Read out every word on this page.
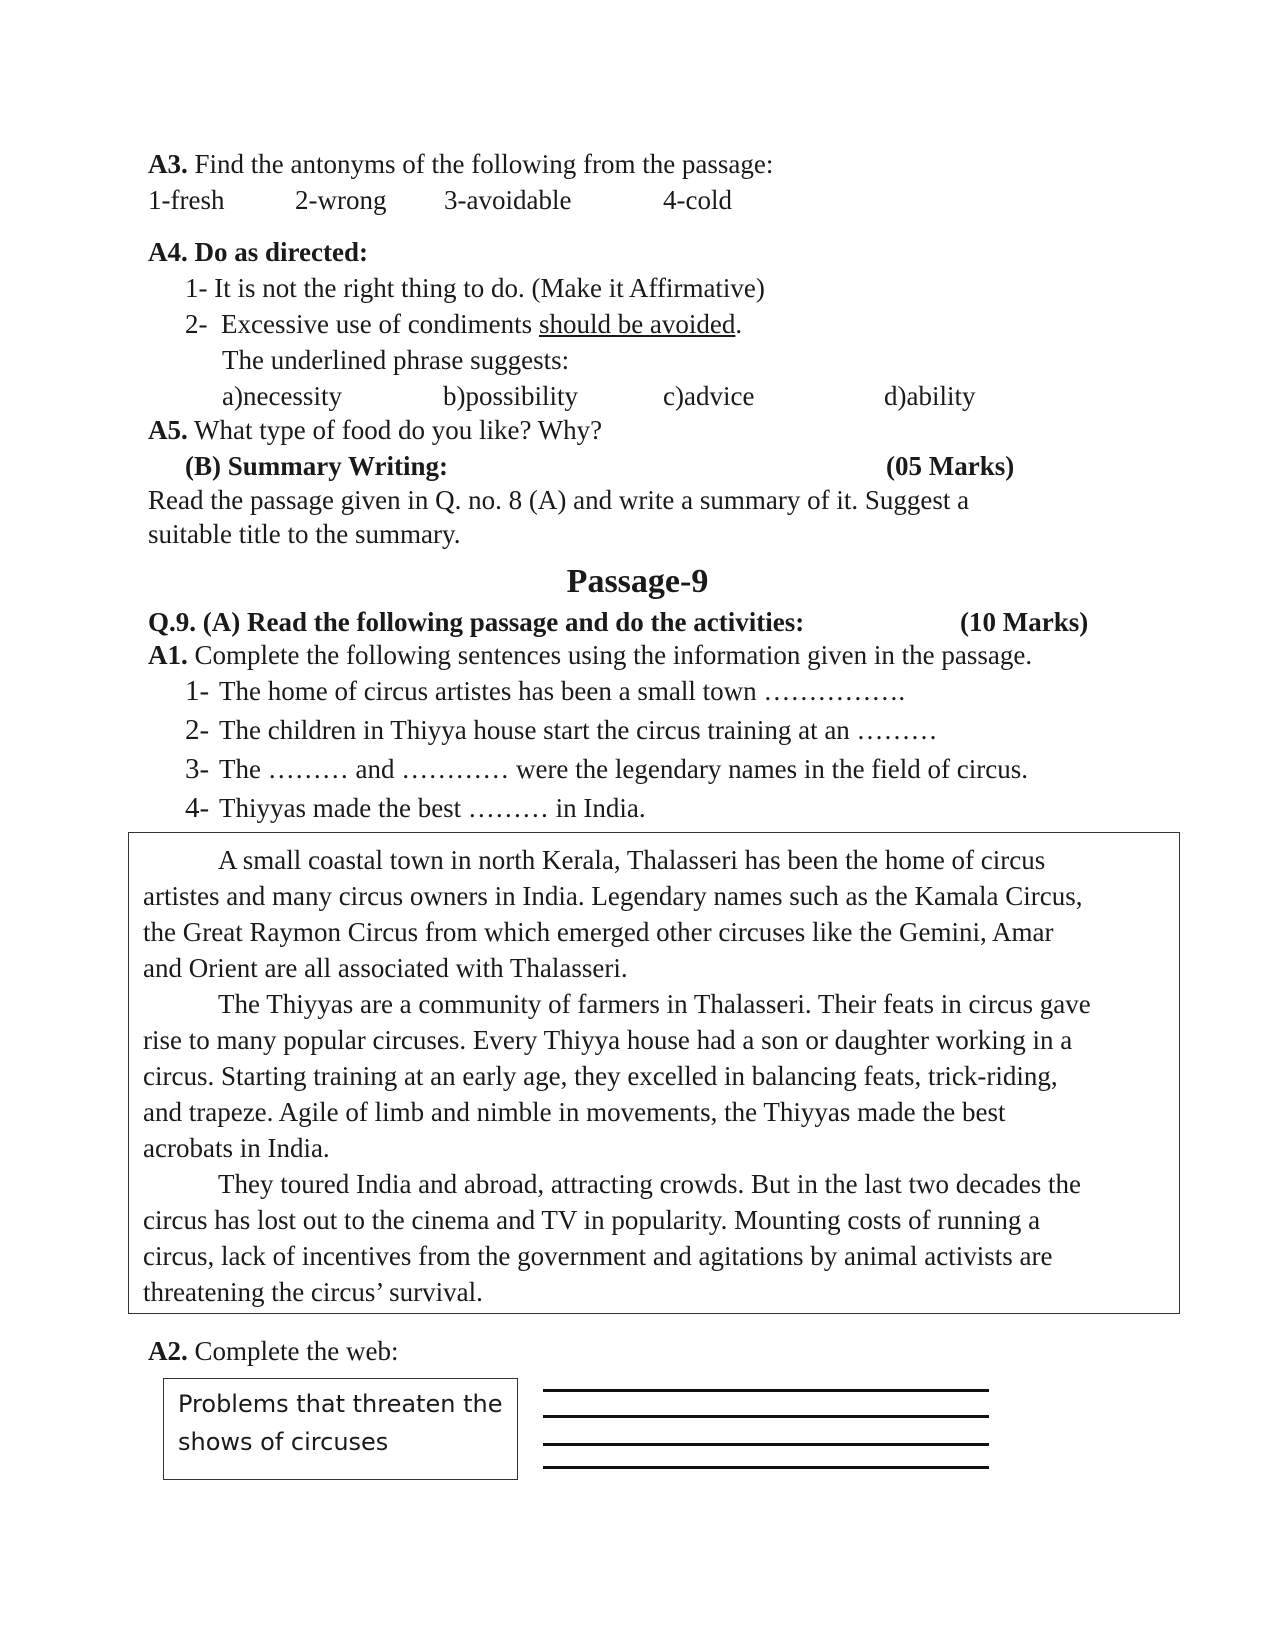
A3. Find the antonyms of the following from the passage:
1-fresh	2-wrong 3-avoidable	4-cold
A4. Do as directed:
1- It is not the right thing to do. (Make it Affirmative)
2- Excessive use of condiments should be avoided.
The underlined phrase suggests:
a)necessity	b)possibility	c)advice	d)ability
A5. What type of food do you like? Why?
(B) Summary Writing:	(05 Marks)
Read the passage given in Q. no. 8 (A) and write a summary of it. Suggest a
suitable title to the summary.
Passage-9
Q.9. (A) Read the following passage and do the activities:	(10 Marks)
A1. Complete the following sentences using the information given in the passage.
1- The home of circus artistes has been a small town …………….
2- The children in Thiyya house start the circus training at an ………
3- The ……… and ………… were the legendary names in the field of circus.
4- Thiyyas made the best ……… in India.

A small coastal town in north Kerala, Thalasseri has been the home of circus

artistes and many circus owners in India. Legendary names such as the Kamala Circus,

the Great Raymon Circus from which emerged other circuses like the Gemini, Amar

and Orient are all associated with Thalasseri.

The Thiyyas are a community of farmers in Thalasseri. Their feats in circus gave

rise to many popular circuses. Every Thiyya house had a son or daughter working in a

circus. Starting training at an early age, they excelled in balancing feats, trick-riding,

and trapeze. Agile of limb and nimble in movements, the Thiyyas made the best

acrobats in India.

They toured India and abroad, attracting crowds. But in the last two decades the

circus has lost out to the cinema and TV in popularity. Mounting costs of running a

circus, lack of incentives from the government and agitations by animal activists are

threatening the circus’ survival.

A2. Complete the web:
Problems that threaten the
shows of circuses
